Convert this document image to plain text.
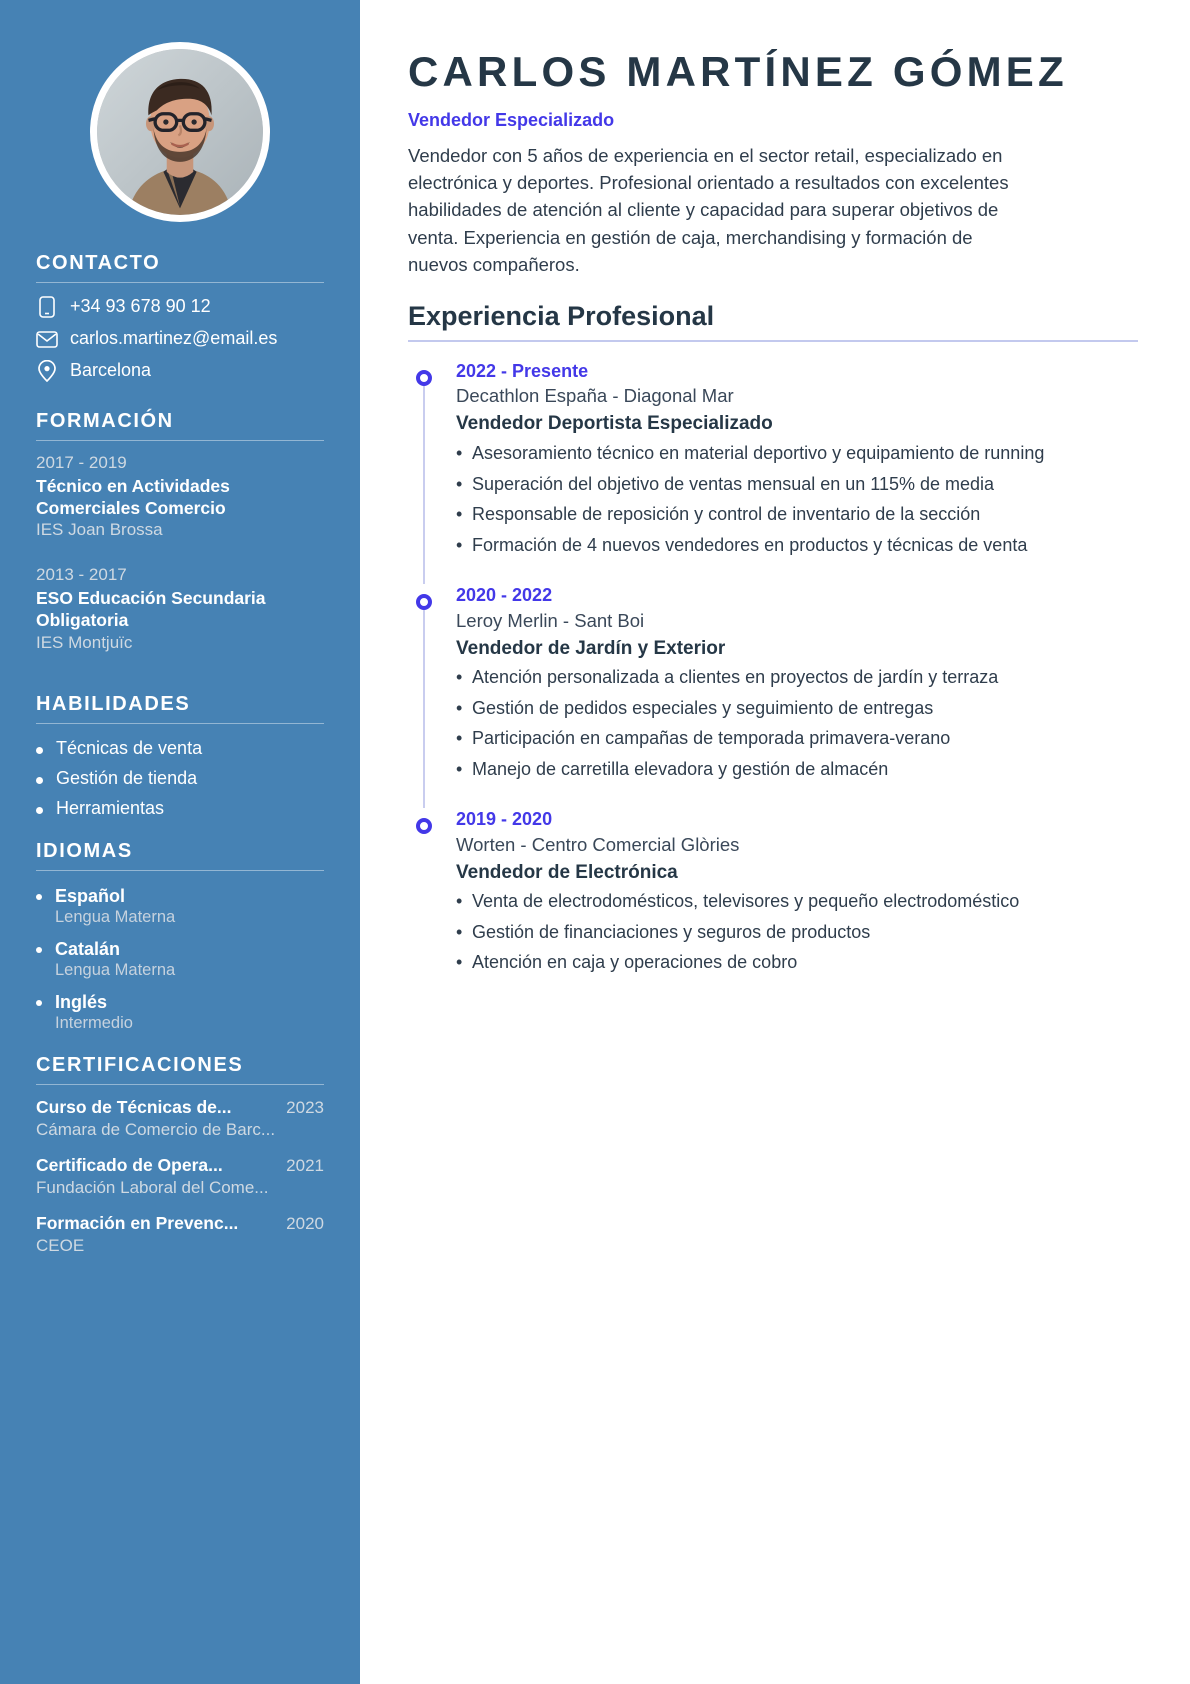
CONTACTO
+34 93 678 90 12
carlos.martinez@email.es
Barcelona
FORMACIÓN
2017 - 2019
Técnico en Actividades Comerciales Comercio
IES Joan Brossa
2013 - 2017
ESO Educación Secundaria Obligatoria
IES Montjuïc
HABILIDADES
Técnicas de venta
Gestión de tienda
Herramientas
IDIOMAS
Español
Lengua Materna
Catalán
Lengua Materna
Inglés
Intermedio
CERTIFICACIONES
Curso de Técnicas de...	2023
Cámara de Comercio de Barc...
Certificado de Opera...	2021
Fundación Laboral del Come...
Formación en Prevenc...	2020
CEOE
CARLOS MARTÍNEZ GÓMEZ
Vendedor Especializado

Vendedor con 5 años de experiencia en el sector retail, especializado en electrónica y deportes. Profesional orientado a resultados con excelentes habilidades de atención al cliente y capacidad para superar objetivos de venta. Experiencia en gestión de caja, merchandising y formación de nuevos compañeros.

Experiencia Profesional
2022 - Presente
Decathlon España - Diagonal Mar
Vendedor Deportista Especializado
• Asesoramiento técnico en material deportivo y equipamiento de running
• Superación del objetivo de ventas mensual en un 115% de media
• Responsable de reposición y control de inventario de la sección
• Formación de 4 nuevos vendedores en productos y técnicas de venta
2020 - 2022
Leroy Merlin - Sant Boi
Vendedor de Jardín y Exterior
• Atención personalizada a clientes en proyectos de jardín y terraza
• Gestión de pedidos especiales y seguimiento de entregas
• Participación en campañas de temporada primavera-verano
• Manejo de carretilla elevadora y gestión de almacén
2019 - 2020
Worten - Centro Comercial Glòries
Vendedor de Electrónica
• Venta de electrodomésticos, televisores y pequeño electrodoméstico
• Gestión de financiaciones y seguros de productos
• Atención en caja y operaciones de cobro
